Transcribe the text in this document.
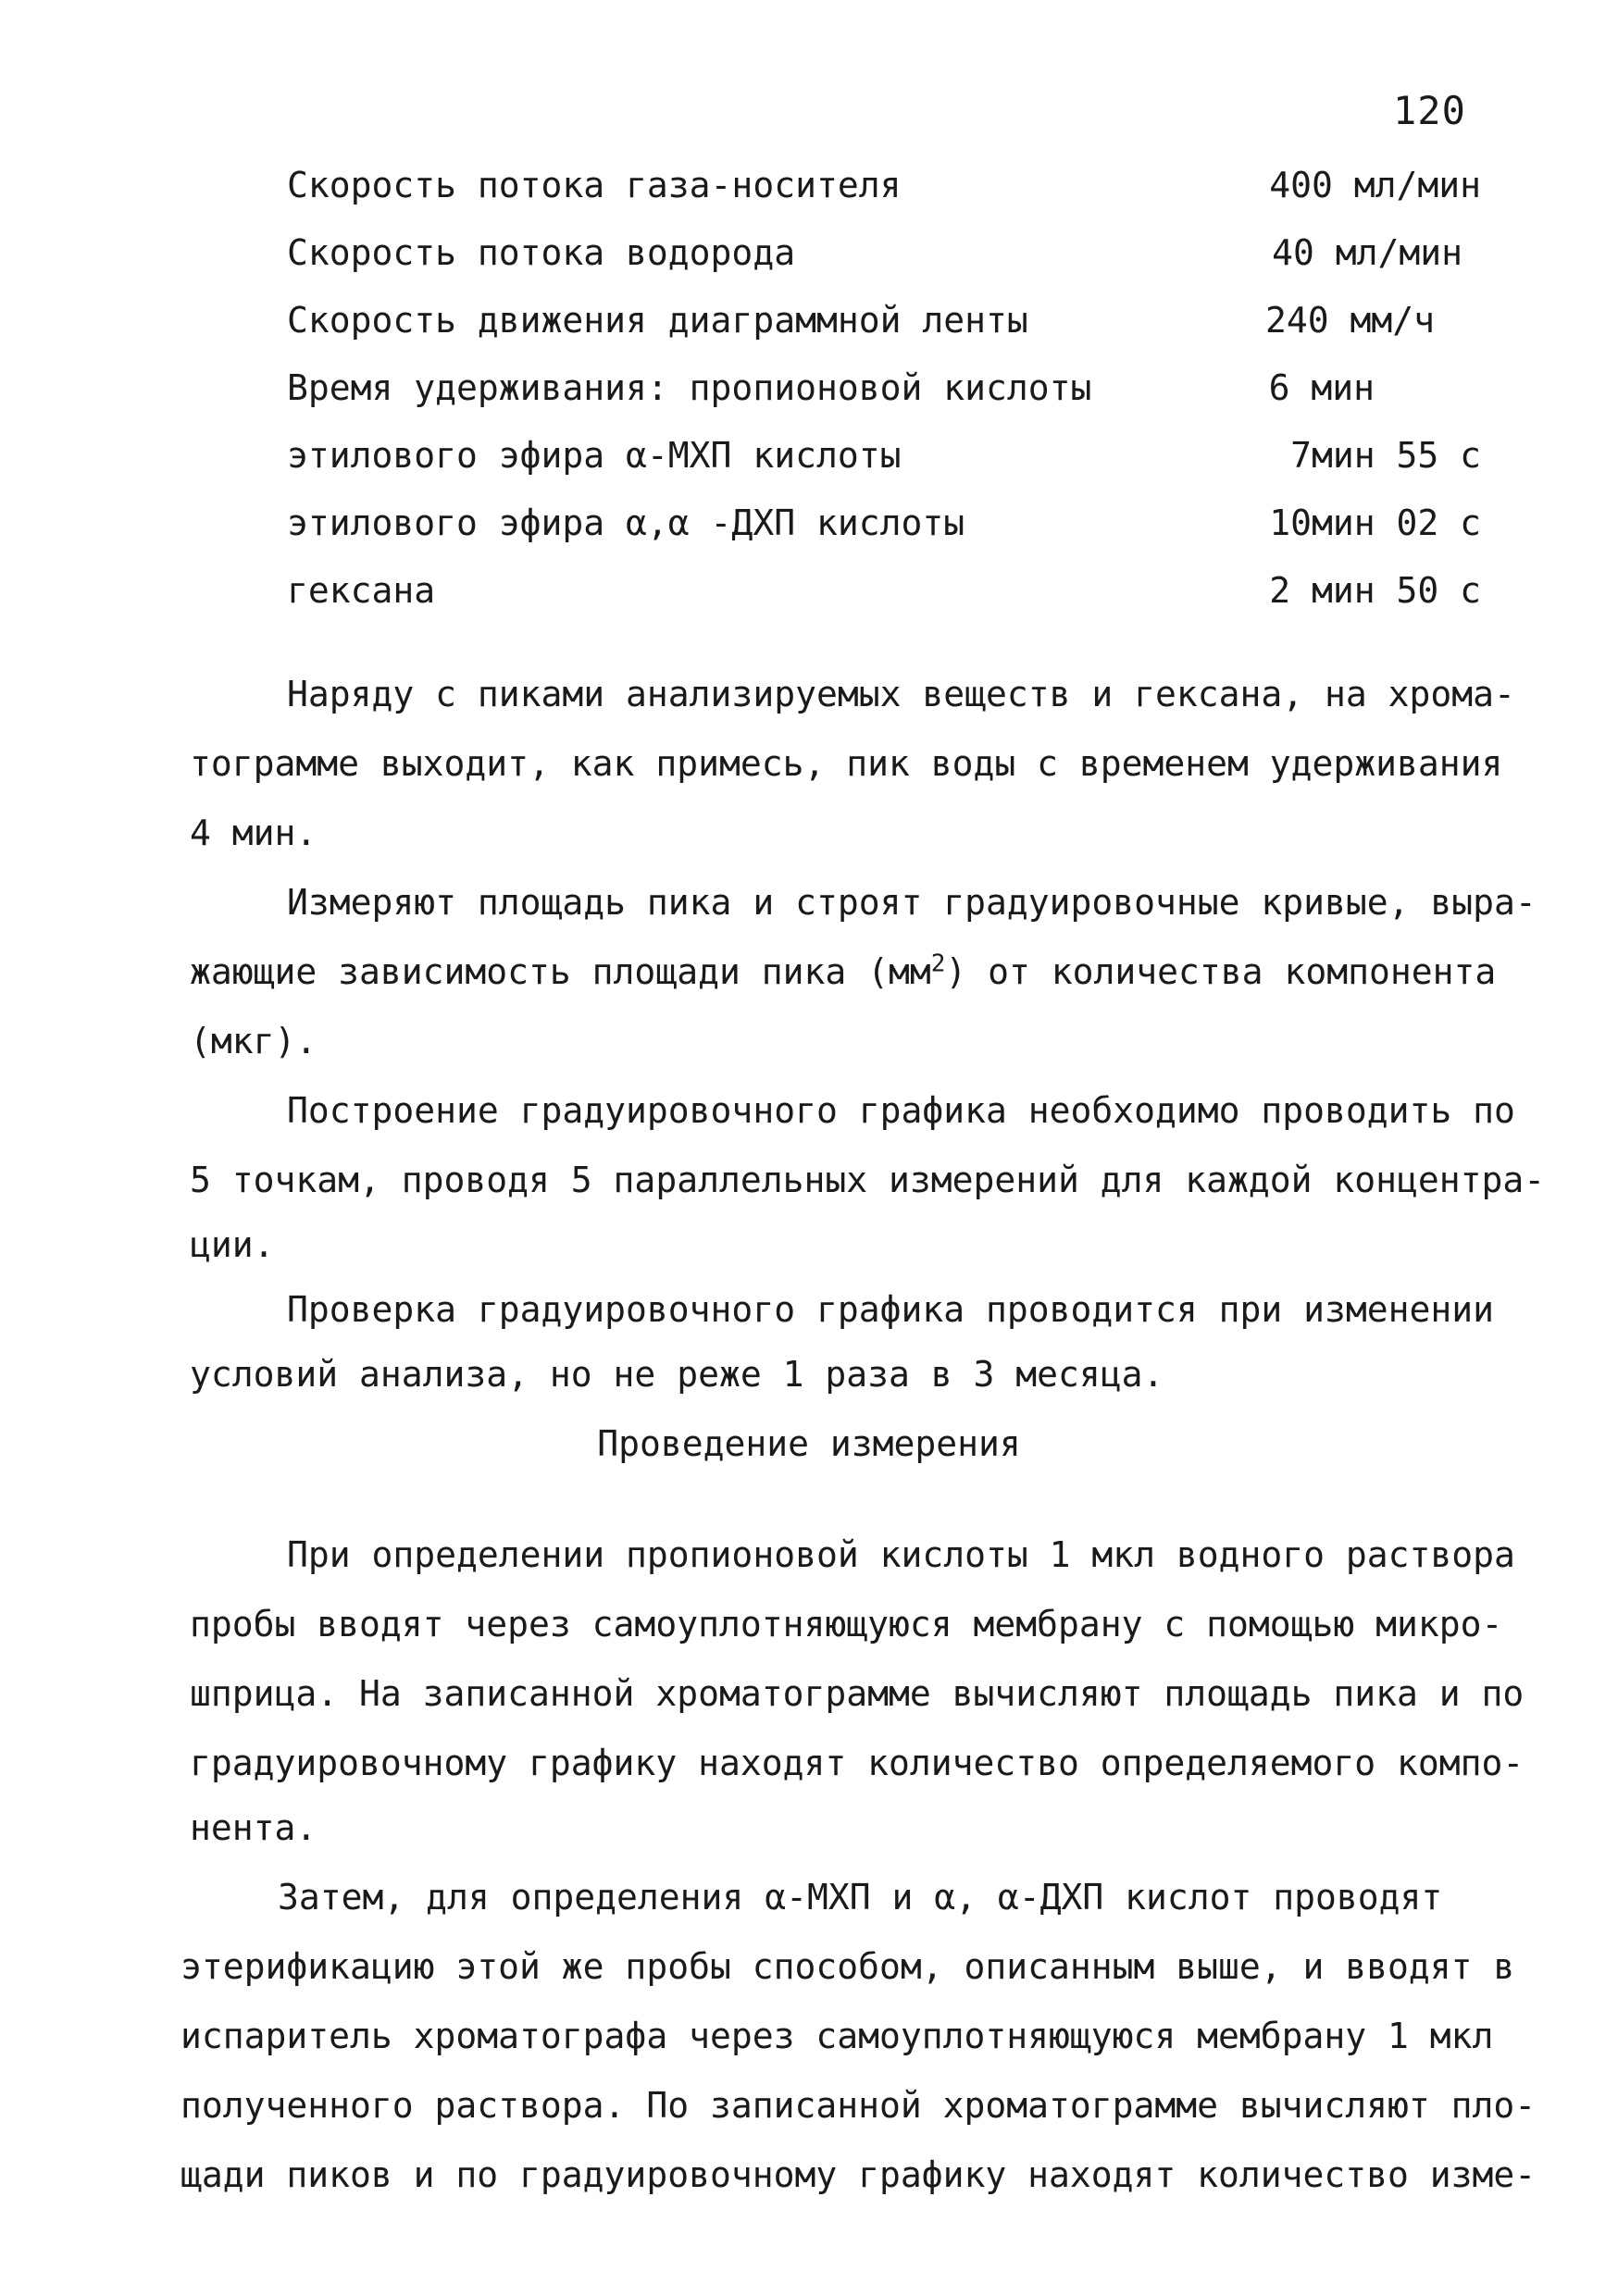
120
Скорость потока газа-носителя	400 мл/мин
Скорость потока водорода	40 мл/мин
Скорость движения диаграммной ленты	240 мм/ч
Время удерживания: пропионовой кислоты	6 мин
этилового эфира α-МХП кислоты	7мин 55 с
этилового эфира α,α -ДХП кислоты	10мин 02 с
гексана	2 мин 50 с
Наряду с пиками анализируемых веществ и гексана, на хрома-
тограмме выходит, как примесь, пик воды с временем удерживания
4 мин.
Измеряют площадь пика и строят градуировочные кривые, выра-
жающие зависимость площади пика $(мм^2)$ от количества компонента
(мкг).
Построение градуировочного графика необходимо проводить по
5 точкам, проводя 5 параллельных измерений для каждой концентра-
ции.
Проверка градуировочного графика проводится при изменении
условий анализа, но не реже 1 раза в 3 месяца.
Проведение измерения
При определении пропионовой кислоты 1 мкл водного раствора
пробы вводят через самоуплотняющуюся мембрану с помощью микро-
шприца. На записанной хроматограмме вычисляют площадь пика и по
градуировочному графику находят количество определяемого компо-
нента.
Затем, для определения α-МХП и α, α-ДХП кислот проводят
этерификацию этой же пробы способом, описанным выше, и вводят в
испаритель хроматографа через самоуплотняющуюся мембрану 1 мкл
полученного раствора. По записанной хроматограмме вычисляют пло-
щади пиков и по градуировочному графику находят количество изме-
